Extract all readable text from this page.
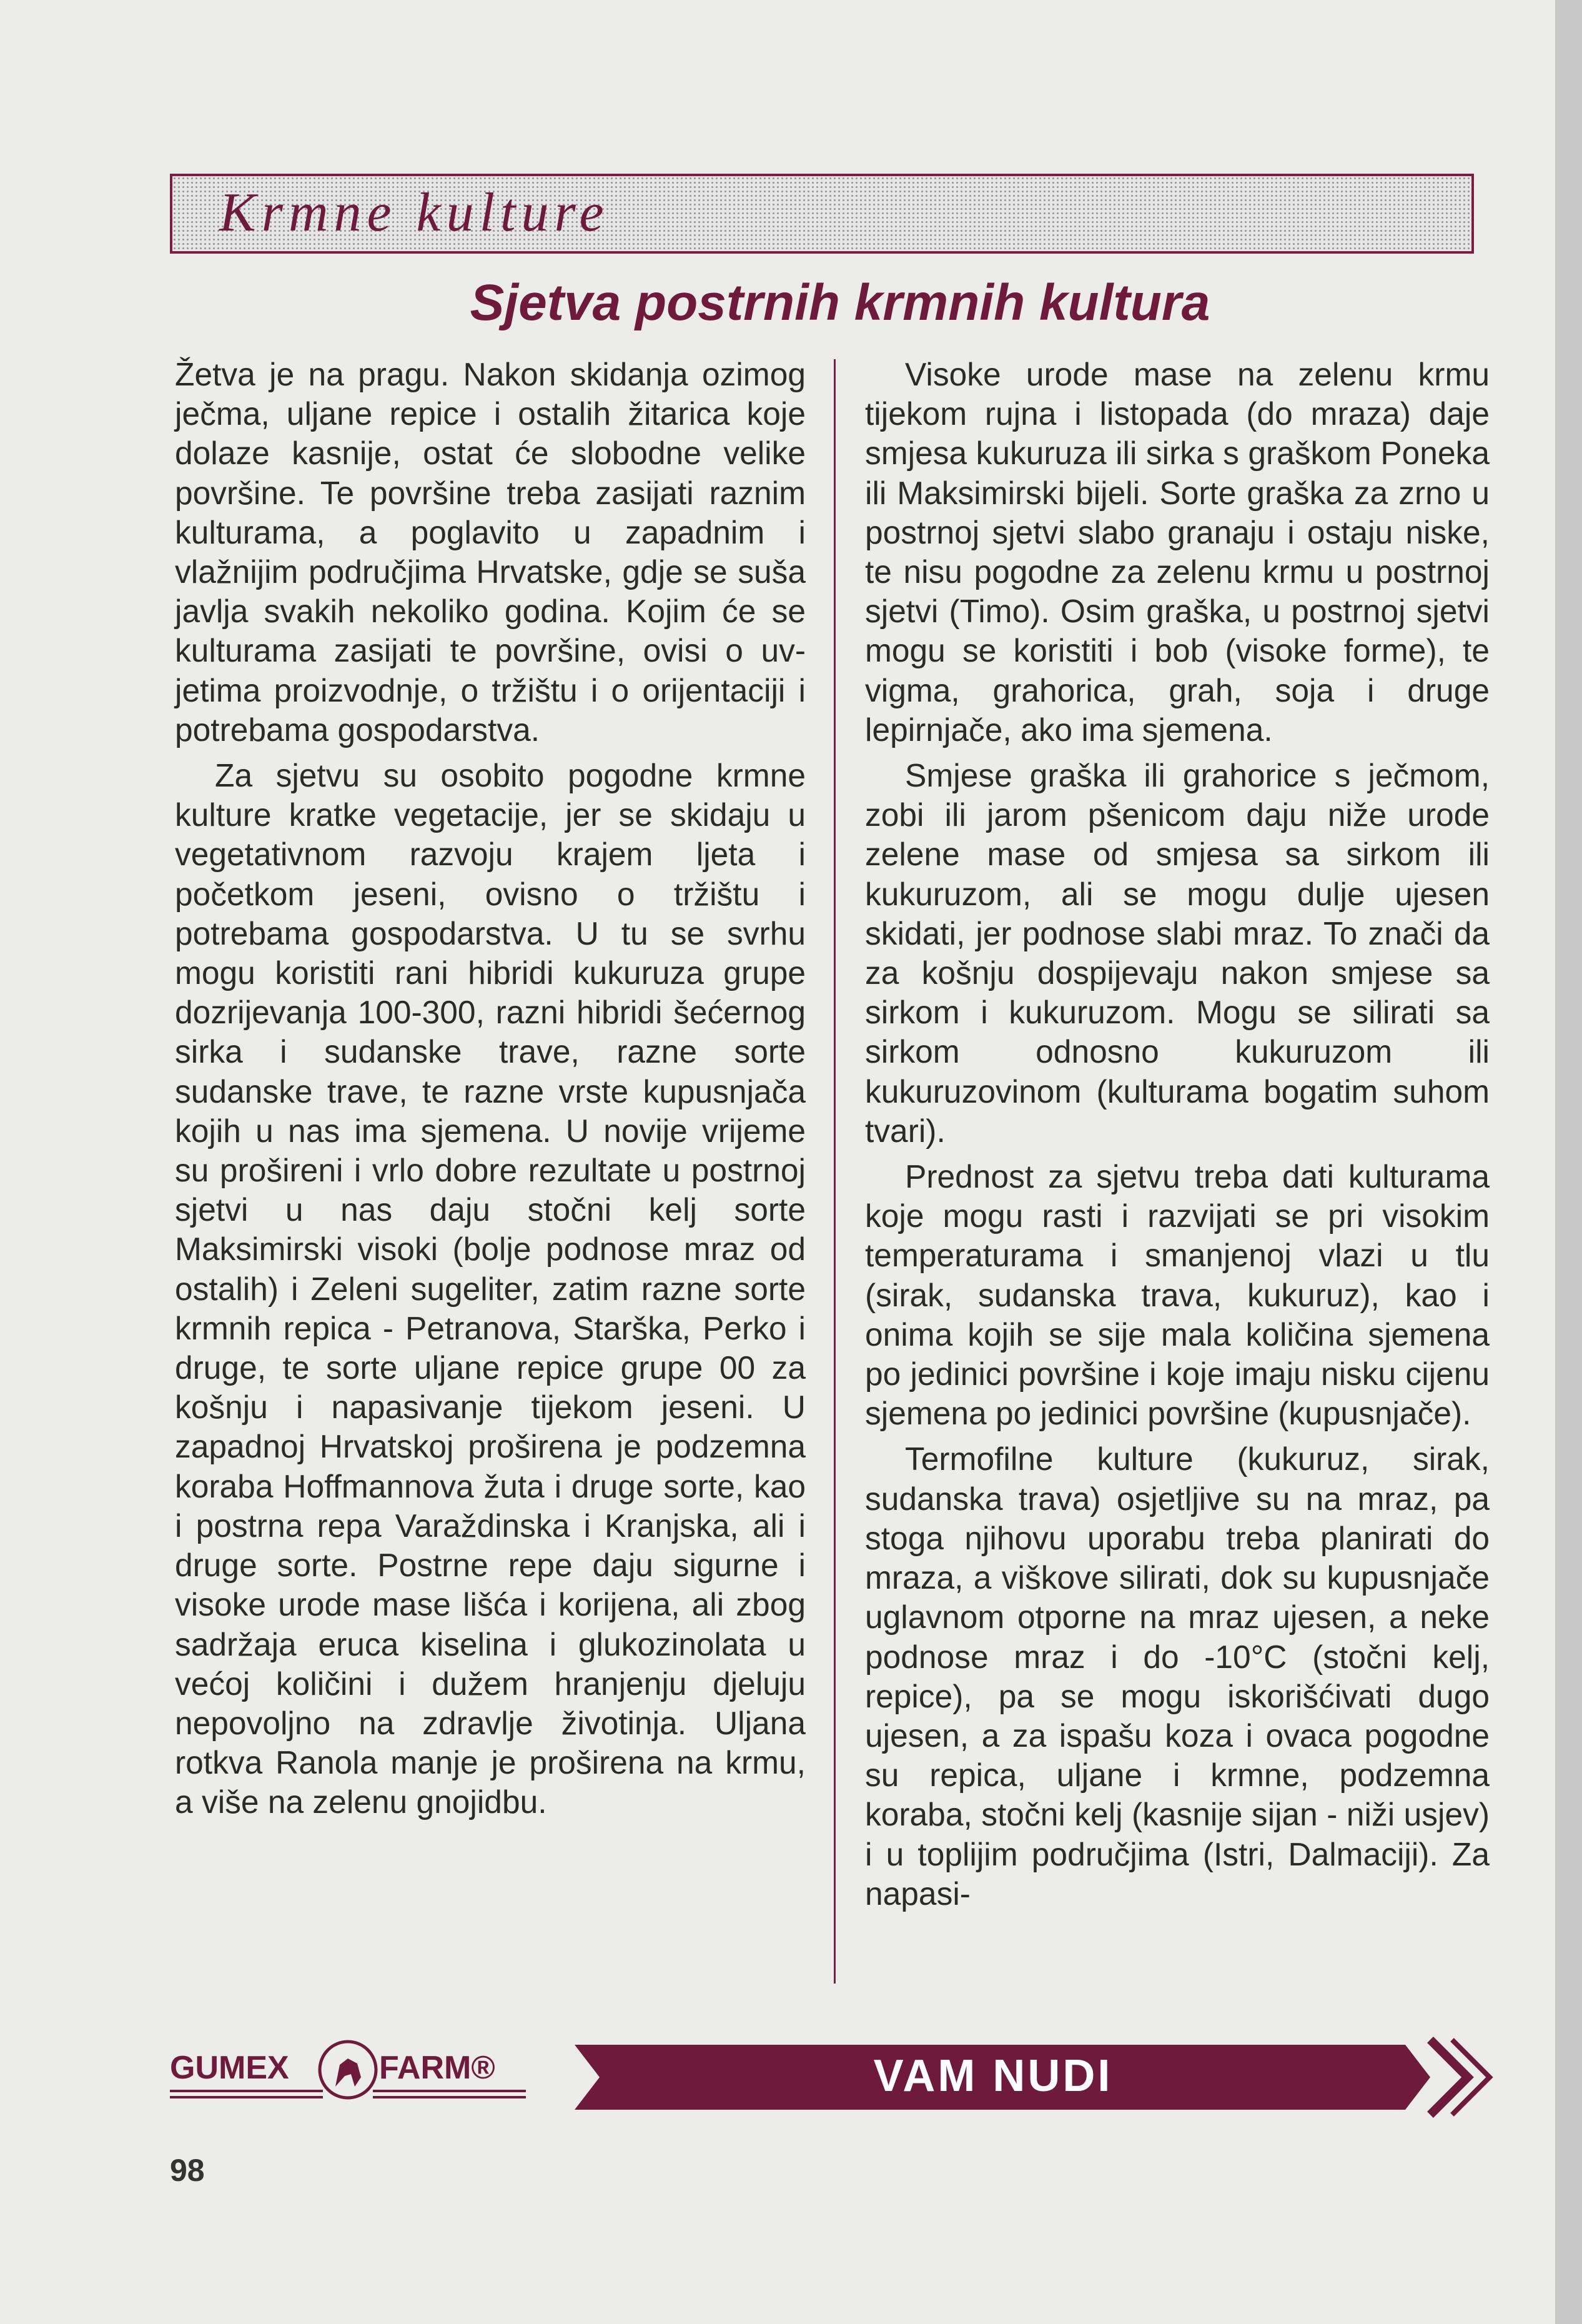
Krmne kulture
Sjetva postrnih krmnih kultura

Žetva je na pragu. Nakon skidanja ozimog ječma, uljane repice i ostalih žitarica koje dolaze kasnije, ostat će slobodne velike površine. Te površine treba zasijati raznim kulturama, a poglavito u zapadnim i vlažnijim područjima Hrvatske, gdje se suša javlja svakih nekoliko godina. Kojim će se kulturama zasijati te površine, ovisi o uvjetima proizvodnje, o tržištu i o orijentaciji i potrebama gospodarstva.

Za sjetvu su osobito pogodne krmne kulture kratke vegetacije, jer se skidaju u vegetativnom razvoju krajem ljeta i početkom jeseni, ovisno o tržištu i potrebama gospodarstva. U tu se svrhu mogu koristiti rani hibridi kukuruza grupe dozrijevanja 100-300, razni hibridi šećernog sirka i sudanske trave, razne sorte sudanske trave, te razne vrste kupusnjača kojih u nas ima sjemena. U novije vrijeme su prošireni i vrlo dobre rezultate u postrnoj sjetvi u nas daju stočni kelj sorte Maksimirski visoki (bolje podnose mraz od ostalih) i Zeleni sugeliter, zatim razne sorte krmnih repica - Petranova, Starška, Perko i druge, te sorte uljane repice grupe 00 za košnju i napasivanje tijekom jeseni. U zapadnoj Hrvatskoj proširena je podzemna koraba Hoffmannova žuta i druge sorte, kao i postrna repa Varaždinska i Kranjska, ali i druge sorte. Postrne repe daju sigurne i visoke urode mase lišća i korijena, ali zbog sadržaja eruca kiselina i glukozinolata u većoj količini i dužem hranjenju djeluju nepovoljno na zdravlje životinja. Uljana rotkva Ranola manje je proširena na krmu, a više na zelenu gnojidbu.

Visoke urode mase na zelenu krmu tijekom rujna i listopada (do mraza) daje smjesa kukuruza ili sirka s graškom Poneka ili Maksimirski bijeli. Sorte graška za zrno u postrnoj sjetvi slabo granaju i ostaju niske, te nisu pogodne za zelenu krmu u postrnoj sjetvi (Timo). Osim graška, u postrnoj sjetvi mogu se koristiti i bob (visoke forme), te vigma, grahorica, grah, soja i druge lepirnjače, ako ima sjemena.

Smjese graška ili grahorice s ječmom, zobi ili jarom pšenicom daju niže urode zelene mase od smjesa sa sirkom ili kukuruzom, ali se mogu dulje ujesen skidati, jer podnose slabi mraz. To znači da za košnju dospijevaju nakon smjese sa sirkom i kukuruzom. Mogu se silirati sa sirkom odnosno kukuruzom ili kukuruzovinom (kulturama bogatim suhom tvari).

Prednost za sjetvu treba dati kulturama koje mogu rasti i razvijati se pri visokim temperaturama i smanjenoj vlazi u tlu (sirak, sudanska trava, kukuruz), kao i onima kojih se sije mala količina sjemena po jedinici površine i koje imaju nisku cijenu sjemena po jedinici površine (kupusnjače).

Termofilne kulture (kukuruz, sirak, sudanska trava) osjetljive su na mraz, pa stoga njihovu uporabu treba planirati do mraza, a viškove silirati, dok su kupusnjače uglavnom otporne na mraz ujesen, a neke podnose mraz i do -10°C (stočni kelj, repice), pa se mogu iskorišćivati dugo ujesen, a za ispašu koza i ovaca pogodne su repica, uljane i krmne, podzemna koraba, stočni kelj (kasnije sijan - niži usjev) i u toplijim područjima (Istri, Dalmaciji). Za napasi-

GUMEX	FARM®	VAM NUDI
98
